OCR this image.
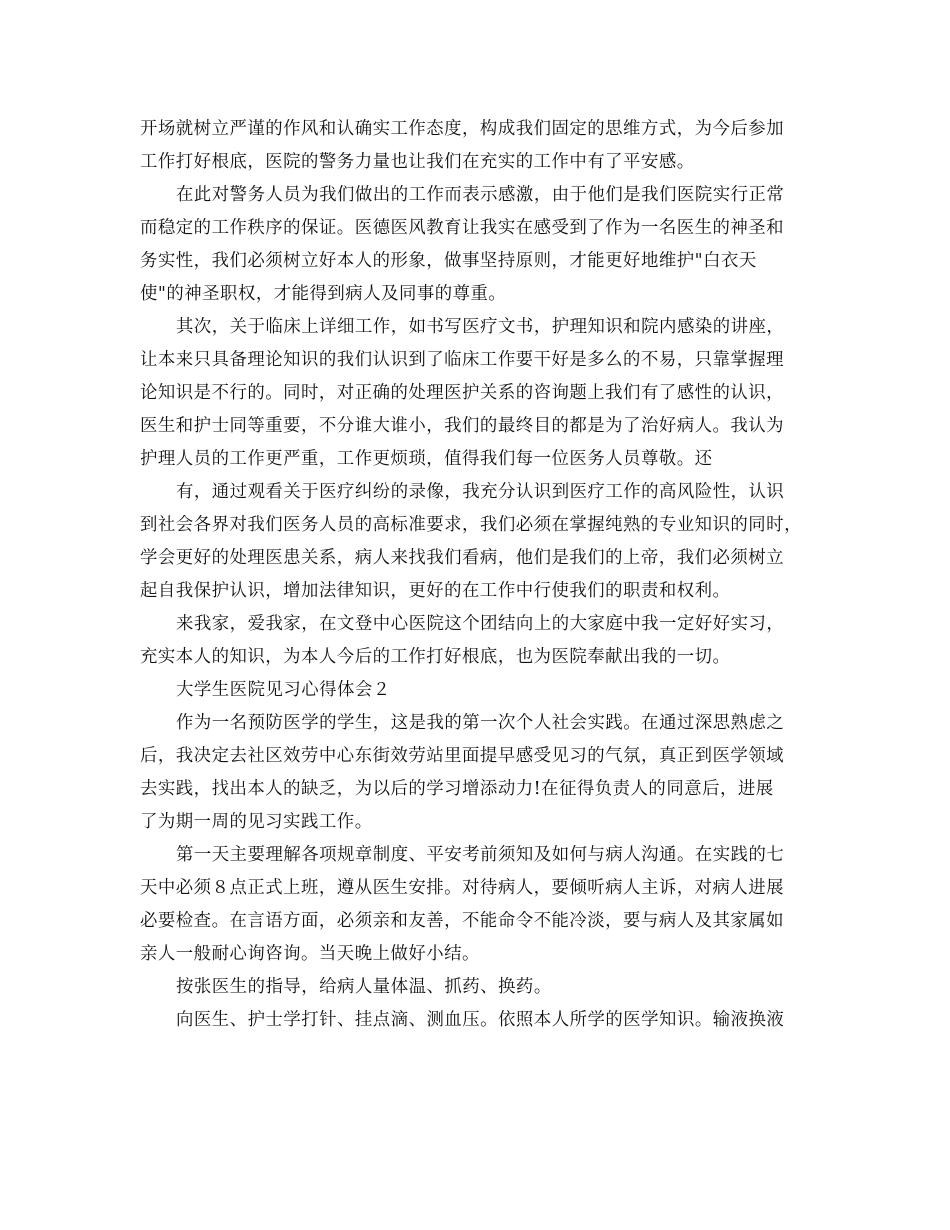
开场就树立严谨的作风和认确实工作态度，构成我们固定的思维方式，为今后参加
工作打好根底，医院的警务力量也让我们在充实的工作中有了平安感。
在此对警务人员为我们做出的工作而表示感激，由于他们是我们医院实行正常
而稳定的工作秩序的保证。医德医风教育让我实在感受到了作为一名医生的神圣和
务实性，我们必须树立好本人的形象，做事坚持原则，才能更好地维护"白衣天
使"的神圣职权，才能得到病人及同事的尊重。
其次，关于临床上详细工作，如书写医疗文书，护理知识和院内感染的讲座，
让本来只具备理论知识的我们认识到了临床工作要干好是多么的不易，只靠掌握理
论知识是不行的。同时，对正确的处理医护关系的咨询题上我们有了感性的认识，
医生和护士同等重要，不分谁大谁小，我们的最终目的都是为了治好病人。我认为
护理人员的工作更严重，工作更烦琐，值得我们每一位医务人员尊敬。还
有，通过观看关于医疗纠纷的录像，我充分认识到医疗工作的高风险性，认识
到社会各界对我们医务人员的高标准要求，我们必须在掌握纯熟的专业知识的同时，
学会更好的处理医患关系，病人来找我们看病，他们是我们的上帝，我们必须树立
起自我保护认识，增加法律知识，更好的在工作中行使我们的职责和权利。
来我家，爱我家，在文登中心医院这个团结向上的大家庭中我一定好好实习，
充实本人的知识，为本人今后的工作打好根底，也为医院奉献出我的一切。
大学生医院见习心得体会２
作为一名预防医学的学生，这是我的第一次个人社会实践。在通过深思熟虑之
后，我决定去社区效劳中心东街效劳站里面提早感受见习的气氛，真正到医学领域
去实践，找出本人的缺乏，为以后的学习增添动力!在征得负责人的同意后，进展
了为期一周的见习实践工作。
第一天主要理解各项规章制度、平安考前须知及如何与病人沟通。在实践的七
天中必须８点正式上班，遵从医生安排。对待病人，要倾听病人主诉，对病人进展
必要检查。在言语方面，必须亲和友善，不能命令不能冷淡，要与病人及其家属如
亲人一般耐心询咨询。当天晚上做好小结。
按张医生的指导，给病人量体温、抓药、换药。
向医生、护士学打针、挂点滴、测血压。依照本人所学的医学知识。输液换液
